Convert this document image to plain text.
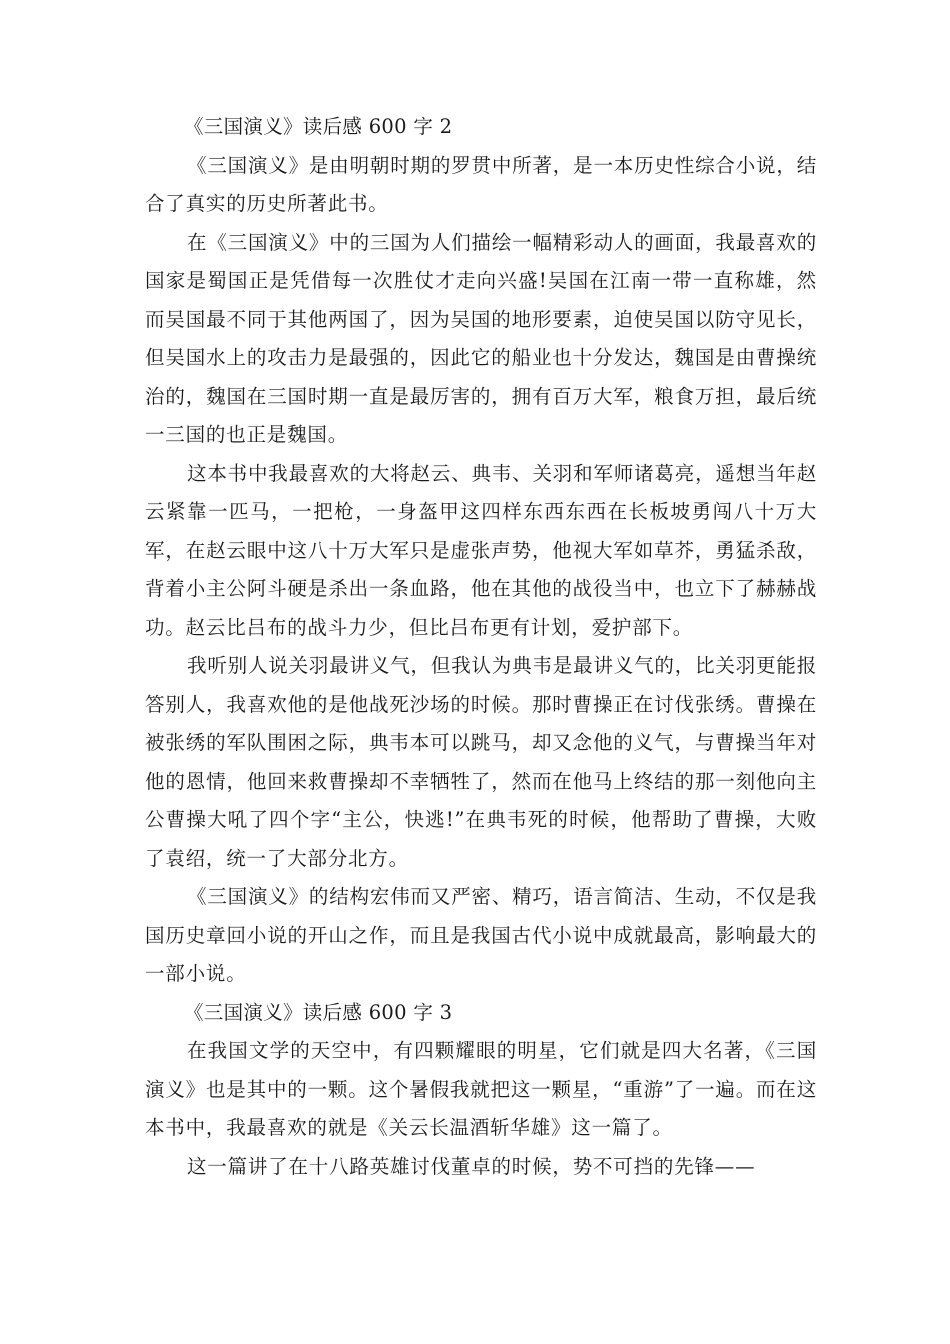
《三国演义》读后感 600 字 2

《三国演义》是由明朝时期的罗贯中所著，是一本历史性综合小说，结合了真实的历史所著此书。

在《三国演义》中的三国为人们描绘一幅精彩动人的画面，我最喜欢的国家是蜀国正是凭借每一次胜仗才走向兴盛!吴国在江南一带一直称雄，然而吴国最不同于其他两国了，因为吴国的地形要素，迫使吴国以防守见长，但吴国水上的攻击力是最强的，因此它的船业也十分发达，魏国是由曹操统治的，魏国在三国时期一直是最厉害的，拥有百万大军，粮食万担，最后统一三国的也正是魏国。

这本书中我最喜欢的大将赵云、典韦、关羽和军师诸葛亮，遥想当年赵云紧靠一匹马，一把枪，一身盔甲这四样东西东西在长板坡勇闯八十万大军，在赵云眼中这八十万大军只是虚张声势，他视大军如草芥，勇猛杀敌，背着小主公阿斗硬是杀出一条血路，他在其他的战役当中，也立下了赫赫战功。赵云比吕布的战斗力少，但比吕布更有计划，爱护部下。

我听别人说关羽最讲义气，但我认为典韦是最讲义气的，比关羽更能报答别人，我喜欢他的是他战死沙场的时候。那时曹操正在讨伐张绣。曹操在被张绣的军队围困之际，典韦本可以跳马，却又念他的义气，与曹操当年对他的恩情，他回来救曹操却不幸牺牲了，然而在他马上终结的那一刻他向主公曹操大吼了四个字“主公，快逃!”在典韦死的时候，他帮助了曹操，大败了袁绍，统一了大部分北方。

《三国演义》的结构宏伟而又严密、精巧，语言简洁、生动，不仅是我国历史章回小说的开山之作，而且是我国古代小说中成就最高，影响最大的一部小说。

《三国演义》读后感 600 字 3

在我国文学的天空中，有四颗耀眼的明星，它们就是四大名著，《三国演义》也是其中的一颗。这个暑假我就把这一颗星，“重游”了一遍。而在这本书中，我最喜欢的就是《关云长温酒斩华雄》这一篇了。

这一篇讲了在十八路英雄讨伐董卓的时候，势不可挡的先锋——
